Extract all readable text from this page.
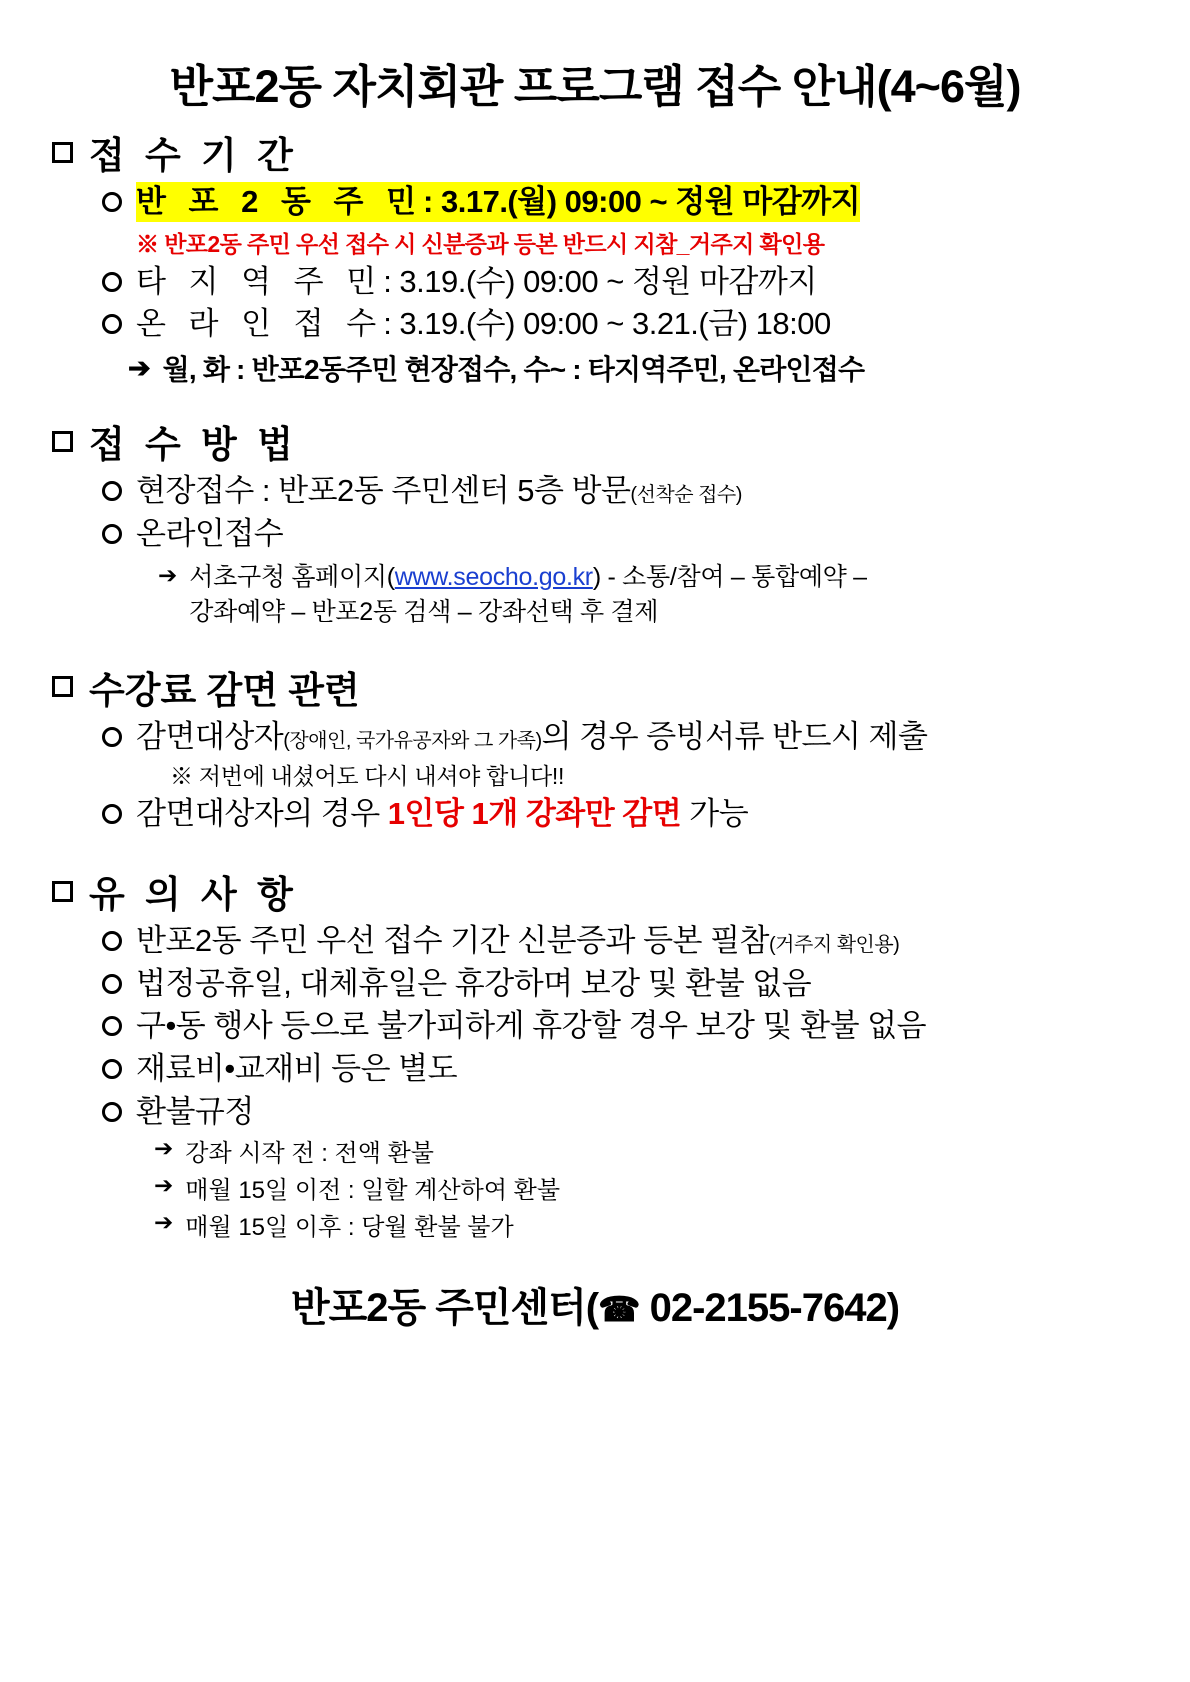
반포2동 자치회관 프로그램 접수 안내(4~6월)
접 수 기 간
반 포 2 동 주 민: 3.17.(월) 09:00 ~ 정원 마감까지
※ 반포2동 주민 우선 접수 시 신분증과 등본 반드시 지참_거주지 확인용
타 지 역 주 민: 3.19.(수) 09:00 ~ 정원 마감까지
온 라 인 접 수: 3.19.(수) 09:00 ~ 3.21.(금) 18:00
➔ 월, 화 : 반포2동주민 현장접수, 수~ : 타지역주민, 온라인접수
접 수 방 법
현장접수 : 반포2동 주민센터 5층 방문(선착순 접수)
온라인접수
➔ 서초구청 홈페이지(www.seocho.go.kr) - 소통/참여 – 통합예약 –
강좌예약 – 반포2동 검색 – 강좌선택 후 결제
수강료 감면 관련
감면대상자(장애인, 국가유공자와 그 가족)의 경우 증빙서류 반드시 제출
※ 저번에 내셨어도 다시 내셔야 합니다!!
감면대상자의 경우 1인당 1개 강좌만 감면 가능
유 의 사 항
반포2동 주민 우선 접수 기간 신분증과 등본 필참(거주지 확인용)
법정공휴일, 대체휴일은 휴강하며 보강 및 환불 없음
구•동 행사 등으로 불가피하게 휴강할 경우 보강 및 환불 없음
재료비•교재비 등은 별도
환불규정
➔ 강좌 시작 전 : 전액 환불
➔ 매월 15일 이전 : 일할 계산하여 환불
➔ 매월 15일 이후 : 당월 환불 불가
반포2동 주민센터(☎ 02-2155-7642)
